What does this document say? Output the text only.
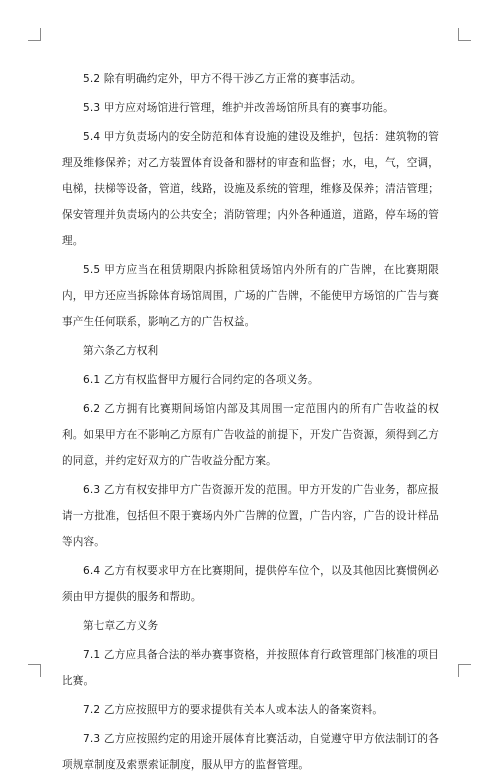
5.2 除有明确约定外，甲方不得干涉乙方正常的赛事活动。

5.3 甲方应对场馆进行管理，维护并改善场馆所具有的赛事功能。

5.4 甲方负责场内的安全防范和体育设施的建设及维护，包括：建筑物的管理及维修保养；对乙方装置体育设备和器材的审查和监督；水，电，气，空调，电梯，扶梯等设备，管道，线路，设施及系统的管理，维修及保养；清洁管理；保安管理并负责场内的公共安全；消防管理；内外各种通道，道路，停车场的管理。

5.5 甲方应当在租赁期限内拆除租赁场馆内外所有的广告牌，在比赛期限内，甲方还应当拆除体育场馆周围，广场的广告牌，不能使甲方场馆的广告与赛事产生任何联系，影响乙方的广告权益。

第六条乙方权利

6.1 乙方有权监督甲方履行合同约定的各项义务。

6.2 乙方拥有比赛期间场馆内部及其周围一定范围内的所有广告收益的权利。如果甲方在不影响乙方原有广告收益的前提下，开发广告资源，须得到乙方的同意，并约定好双方的广告收益分配方案。

6.3 乙方有权安排甲方广告资源开发的范围。甲方开发的广告业务，都应报请一方批准，包括但不限于赛场内外广告牌的位置，广告内容，广告的设计样品等内容。

6.4 乙方有权要求甲方在比赛期间，提供停车位个，以及其他因比赛惯例必须由甲方提供的服务和帮助。

第七章乙方义务

7.1 乙方应具备合法的举办赛事资格，并按照体育行政管理部门核准的项目比赛。

7.2 乙方应按照甲方的要求提供有关本人或本法人的备案资料。

7.3 乙方应按照约定的用途开展体育比赛活动，自觉遵守甲方依法制订的各项规章制度及索票索证制度，服从甲方的监督管理。
